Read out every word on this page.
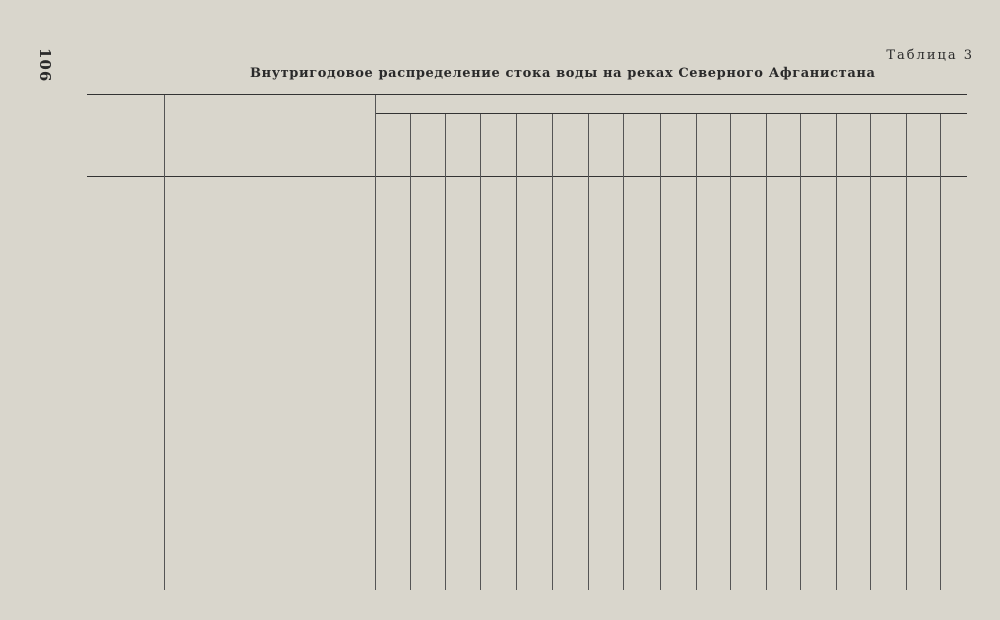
106	Таблица 3
Внутригодовое распределение стока воды на реках Северного Афганистана
